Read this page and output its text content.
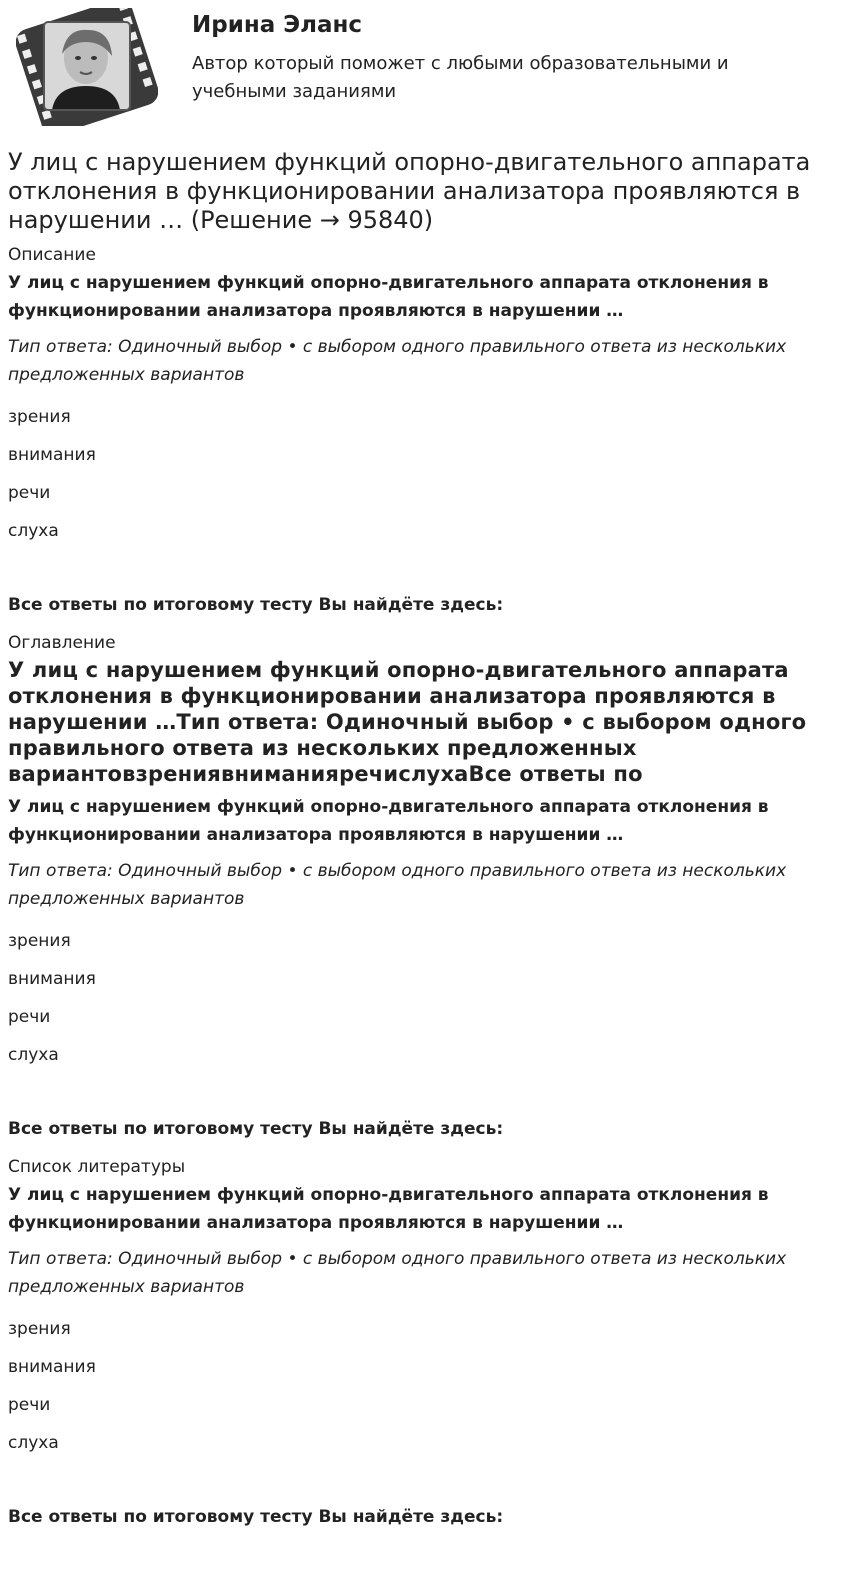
Ирина Эланс

Автор который поможет с любыми образовательными и учебными заданиями

У лиц с нарушением функций опорно-двигательного аппарата отклонения в функционировании анализатора проявляются в нарушении … (Решение → 95840)
Описание

У лиц с нарушением функций опорно-двигательного аппарата отклонения в функционировании анализатора проявляются в нарушении …

Тип ответа: Одиночный выбор • с выбором одного правильного ответа из нескольких предложенных вариантов

зрения

внимания

речи

слуха

Все ответы по итоговому тесту Вы найдёте здесь:

Оглавление
У лиц с нарушением функций опорно-двигательного аппарата отклонения в функционировании анализатора проявляются в нарушении …Тип ответа: Одиночный выбор • с выбором одного правильного ответа из нескольких предложенных вариантовзрениявниманияречислухаВсе ответы по

У лиц с нарушением функций опорно-двигательного аппарата отклонения в функционировании анализатора проявляются в нарушении …

Тип ответа: Одиночный выбор • с выбором одного правильного ответа из нескольких предложенных вариантов

зрения

внимания

речи

слуха

Все ответы по итоговому тесту Вы найдёте здесь:

Список литературы

У лиц с нарушением функций опорно-двигательного аппарата отклонения в функционировании анализатора проявляются в нарушении …

Тип ответа: Одиночный выбор • с выбором одного правильного ответа из нескольких предложенных вариантов

зрения

внимания

речи

слуха

Все ответы по итоговому тесту Вы найдёте здесь:
